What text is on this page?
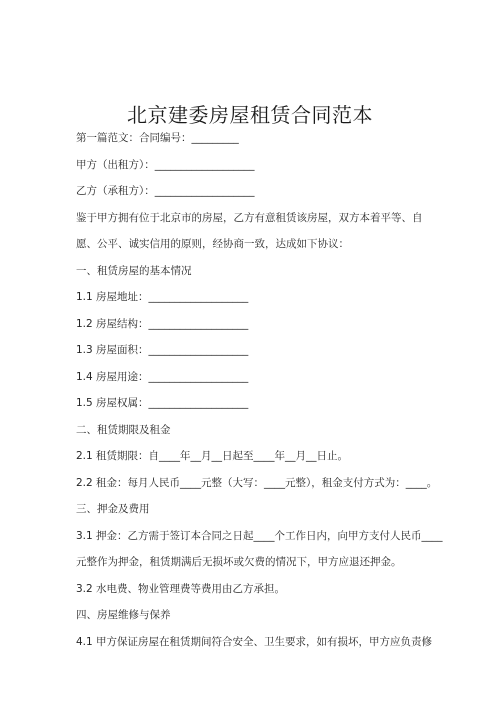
北京建委房屋租赁合同范本
第一篇范文：合同编号：_________
甲方（出租方）：___________________
乙方（承租方）：___________________
鉴于甲方拥有位于北京市的房屋，乙方有意租赁该房屋，双方本着平等、自
愿、公平、诚实信用的原则，经协商一致，达成如下协议：
一、租赁房屋的基本情况
1.1 房屋地址：___________________
1.2 房屋结构：___________________
1.3 房屋面积：___________________
1.4 房屋用途：___________________
1.5 房屋权属：___________________
二、租赁期限及租金
2.1 租赁期限：自____年__月__日起至____年__月__日止。
2.2 租金：每月人民币____元整（大写：____元整），租金支付方式为：____。
三、押金及费用
3.1 押金：乙方需于签订本合同之日起____个工作日内，向甲方支付人民币____
元整作为押金，租赁期满后无损坏或欠费的情况下，甲方应退还押金。
3.2 水电费、物业管理费等费用由乙方承担。
四、房屋维修与保养
4.1 甲方保证房屋在租赁期间符合安全、卫生要求，如有损坏，甲方应负责修
